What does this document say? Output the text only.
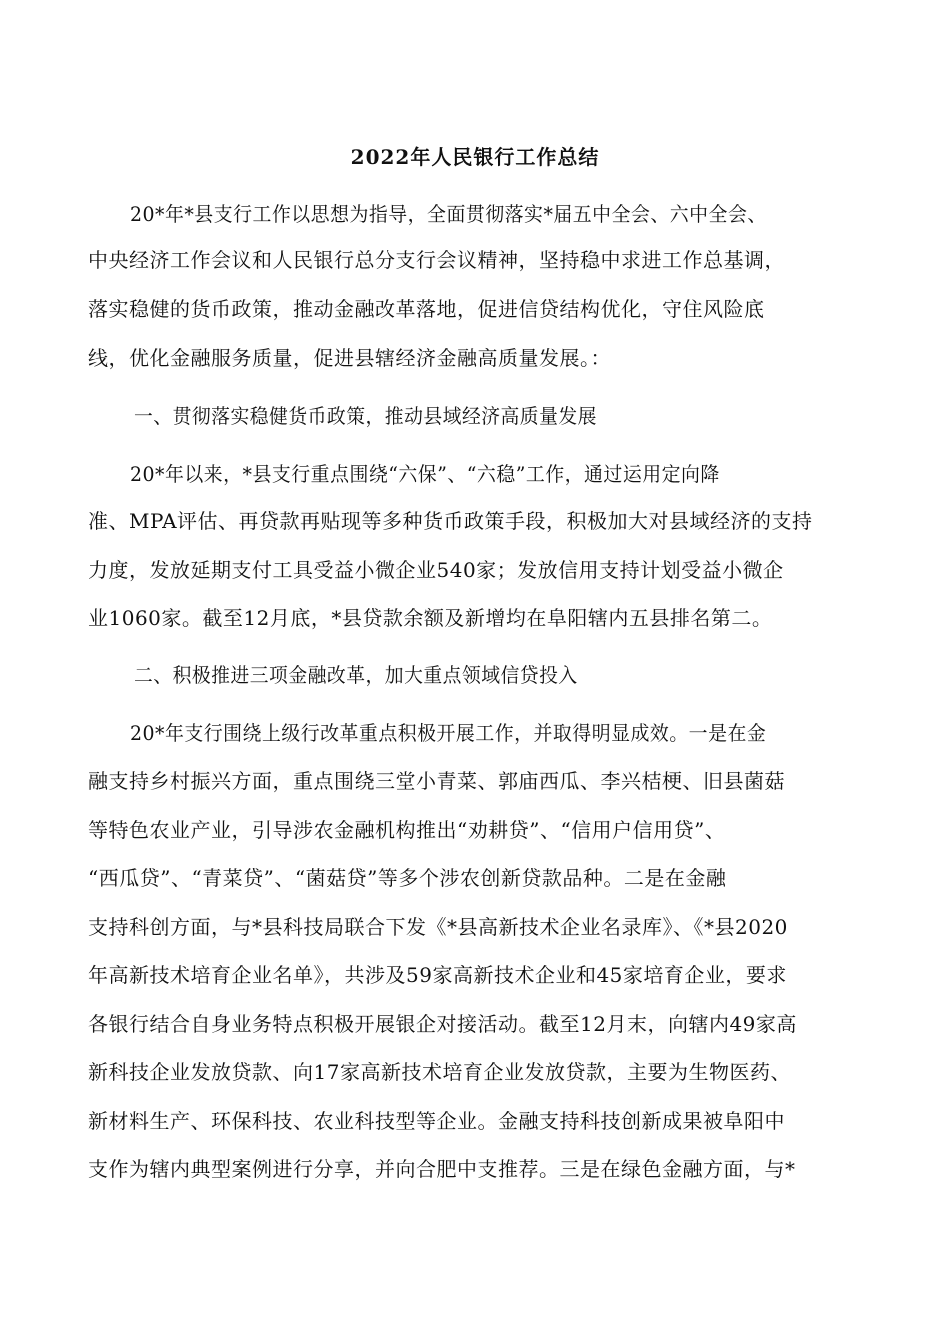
2022年人民银行工作总结
20*年*县支行工作以思想为指导，全面贯彻落实*届五中全会、六中全会、
中央经济工作会议和人民银行总分支行会议精神，坚持稳中求进工作总基调，
落实稳健的货币政策，推动金融改革落地，促进信贷结构优化，守住风险底
线，优化金融服务质量，促进县辖经济金融高质量发展。：
一、贯彻落实稳健货币政策，推动县域经济高质量发展
20*年以来，*县支行重点围绕“六保”、“六稳”工作，通过运用定向降
准、MPA评估、再贷款再贴现等多种货币政策手段，积极加大对县域经济的支持
力度，发放延期支付工具受益小微企业540家；发放信用支持计划受益小微企
业1060家。截至12月底，*县贷款余额及新增均在阜阳辖内五县排名第二。
二、积极推进三项金融改革，加大重点领域信贷投入
20*年支行围绕上级行改革重点积极开展工作，并取得明显成效。一是在金
融支持乡村振兴方面，重点围绕三堂小青菜、郭庙西瓜、李兴桔梗、旧县菌菇
等特色农业产业，引导涉农金融机构推出“劝耕贷”、“信用户信用贷”、
“西瓜贷”、“青菜贷”、“菌菇贷”等多个涉农创新贷款品种。二是在金融
支持科创方面，与*县科技局联合下发《*县高新技术企业名录库》、《*县2020
年高新技术培育企业名单》，共涉及59家高新技术企业和45家培育企业，要求
各银行结合自身业务特点积极开展银企对接活动。截至12月末，向辖内49家高
新科技企业发放贷款、向17家高新技术培育企业发放贷款，主要为生物医药、
新材料生产、环保科技、农业科技型等企业。金融支持科技创新成果被阜阳中
支作为辖内典型案例进行分享，并向合肥中支推荐。三是在绿色金融方面，与*
